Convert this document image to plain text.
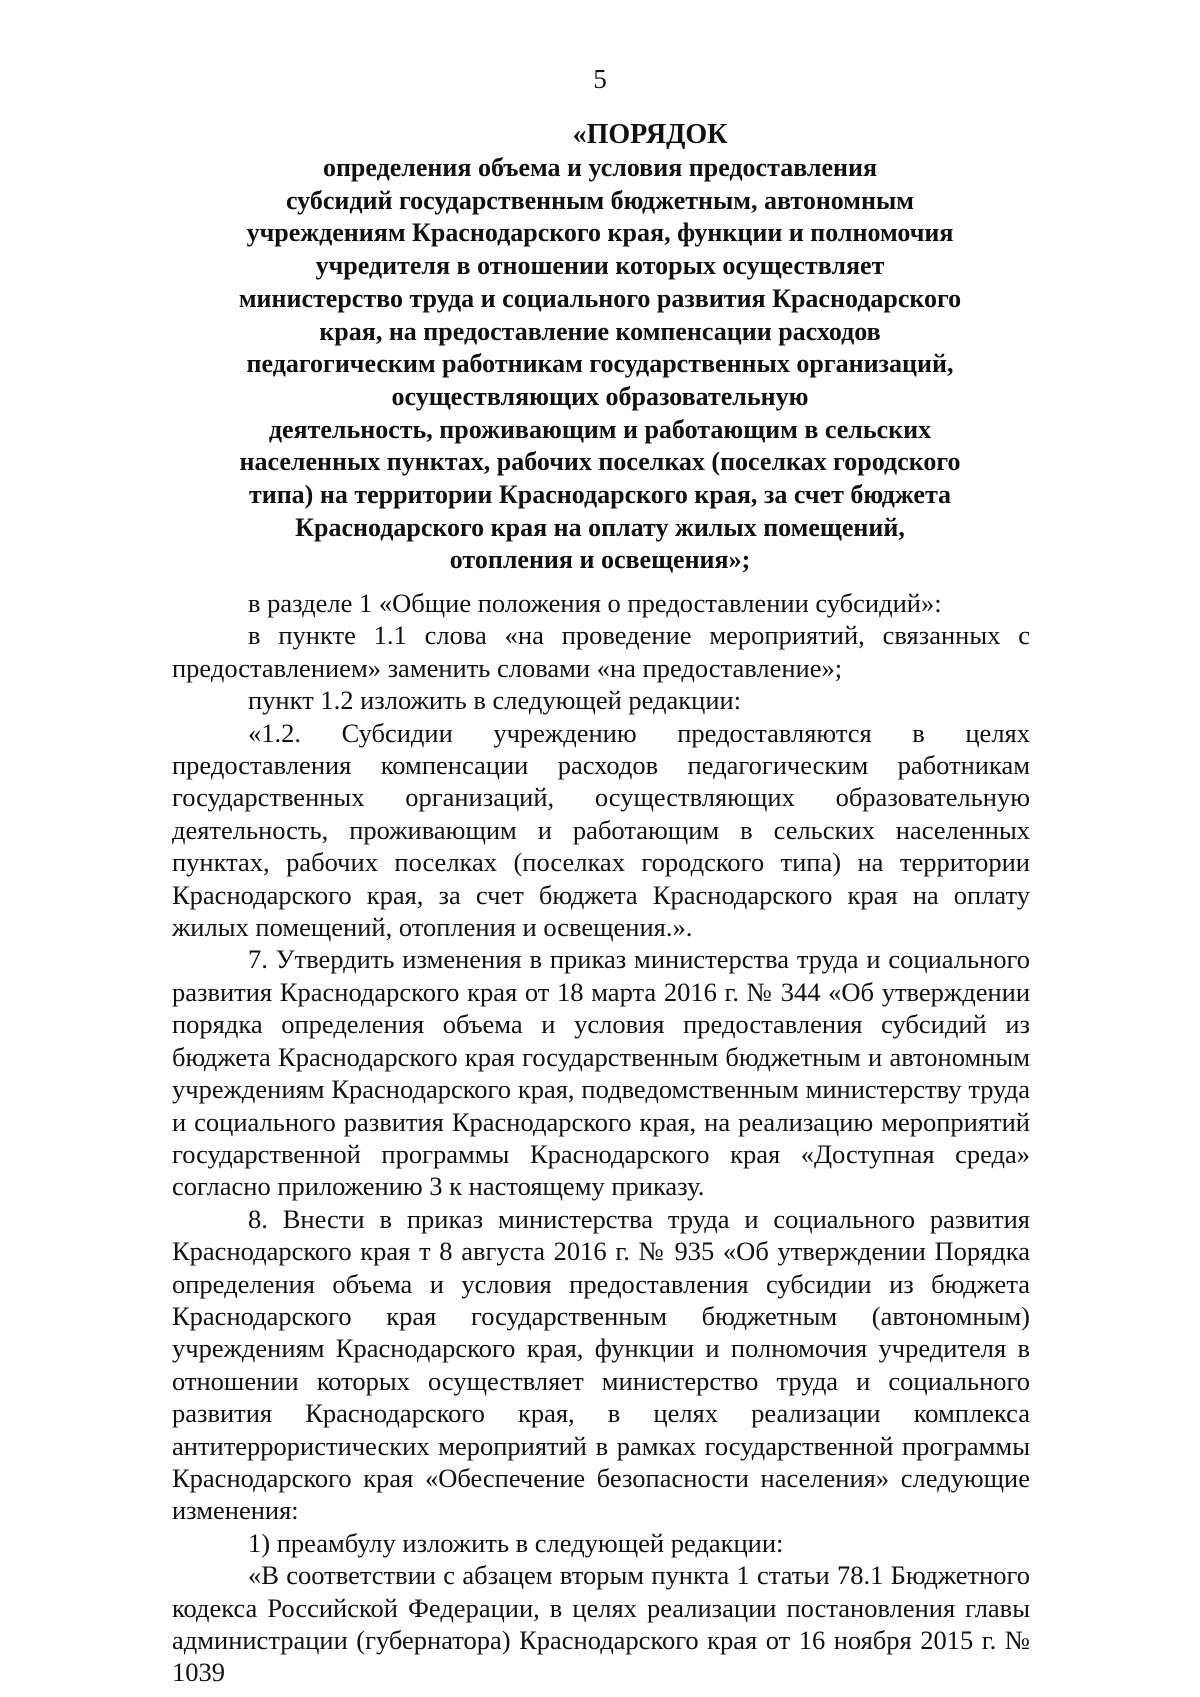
5
«ПОРЯДОК
определения объема и условия предоставления
субсидий государственным бюджетным, автономным
учреждениям Краснодарского края, функции и полномочия
учредителя в отношении которых осуществляет
министерство труда и социального развития Краснодарского
края, на предоставление компенсации расходов
педагогическим работникам государственных организаций,
осуществляющих образовательную
деятельность, проживающим и работающим в сельских
населенных пунктах, рабочих поселках (поселках городского
типа) на территории Краснодарского края, за счет бюджета
Краснодарского края на оплату жилых помещений,
отопления и освещения»;

в разделе 1 «Общие положения о предоставлении субсидий»:

в пункте 1.1 слова «на проведение мероприятий, связанных с предоставлением» заменить словами «на предоставление»;

пункт 1.2 изложить в следующей редакции:

«1.2. Субсидии учреждению предоставляются в целях предоставления компенсации расходов педагогическим работникам государственных организаций, осуществляющих образовательную деятельность, проживающим и работающим в сельских населенных пунктах, рабочих поселках (поселках городского типа) на территории Краснодарского края, за счет бюджета Краснодарского края на оплату жилых помещений, отопления и освещения.».

7. Утвердить изменения в приказ министерства труда и социального развития Краснодарского края от 18 марта 2016 г. № 344 «Об утверждении порядка определения объема и условия предоставления субсидий из бюджета Краснодарского края государственным бюджетным и автономным учреждениям Краснодарского края, подведомственным министерству труда и социального развития Краснодарского края, на реализацию мероприятий государственной программы Краснодарского края «Доступная среда» согласно приложению 3 к настоящему приказу.

8. Внести в приказ министерства труда и социального развития Краснодарского края т 8 августа 2016 г. № 935 «Об утверждении Порядка определения объема и условия предоставления субсидии из бюджета Краснодарского края государственным бюджетным (автономным) учреждениям Краснодарского края, функции и полномочия учредителя в отношении которых осуществляет министерство труда и социального развития Краснодарского края, в целях реализации комплекса антитеррористических мероприятий в рамках государственной программы Краснодарского края «Обеспечение безопасности населения» следующие изменения:

1) преамбулу изложить в следующей редакции:

«В соответствии с абзацем вторым пункта 1 статьи 78.1 Бюджетного кодекса Российской Федерации, в целях реализации постановления главы администрации (губернатора) Краснодарского края от 16 ноября 2015 г. № 1039
